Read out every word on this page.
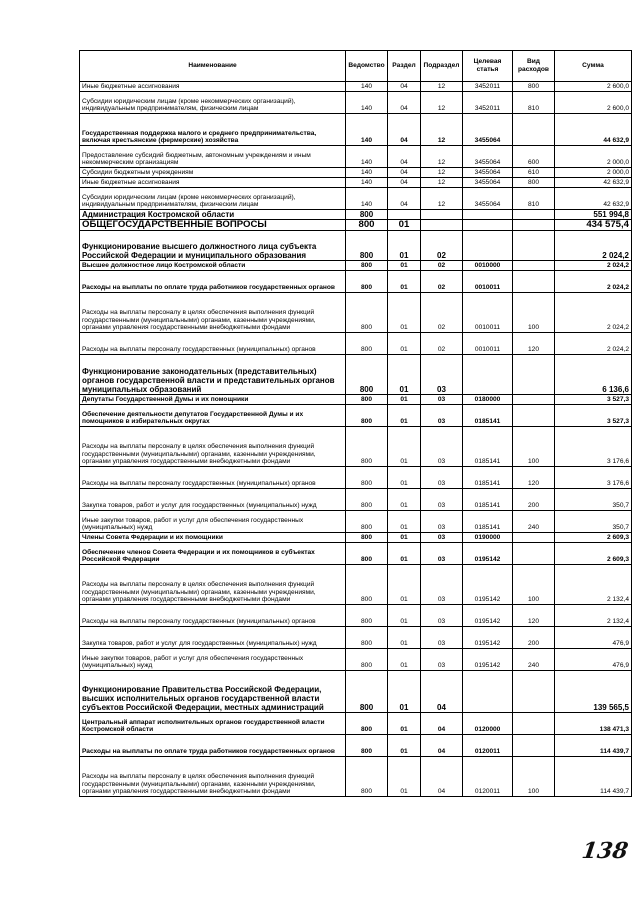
Наименование	Ведомство	Раздел	Подраздел	Целевая статья	Вид расходов	Сумма
Иные бюджетные ассигнования	140	04	12	3452011	800	2 600,0
Субсидии юридическим лицам (кроме некоммерческих организаций), индивидуальным предпринимателям, физическим лицам	140	04	12	3452011	810	2 600,0
Государственная поддержка малого и среднего предпринимательства, включая крестьянские (фермерские) хозяйства	140	04	12	3455064		44 632,9
Предоставление субсидий бюджетным, автономным учреждениям и иным некоммерческим организациям	140	04	12	3455064	600	2 000,0
Субсидии бюджетным учреждениям	140	04	12	3455064	610	2 000,0
Иные бюджетные ассигнования	140	04	12	3455064	800	42 632,9
Субсидии юридическим лицам (кроме некоммерческих организаций), индивидуальным предпринимателям, физическим лицам	140	04	12	3455064	810	42 632,9
Администрация Костромской области	800					551 994,8
ОБЩЕГОСУДАРСТВЕННЫЕ ВОПРОСЫ	800	01				434 575,4
Функционирование высшего должностного лица субъекта Российской Федерации и муниципального образования	800	01	02			2 024,2
Высшее должностное лицо Костромской области	800	01	02	0010000		2 024,2
Расходы на выплаты по оплате труда работников государственных органов	800	01	02	0010011		2 024,2
Расходы на выплаты персоналу в целях обеспечения выполнения функций государственными (муниципальными) органами, казенными учреждениями, органами управления государственными внебюджетными фондами	800	01	02	0010011	100	2 024,2
Расходы на выплаты персоналу государственных (муниципальных) органов	800	01	02	0010011	120	2 024,2
Функционирование законодательных (представительных) органов государственной власти и представительных органов муниципальных образований	800	01	03			6 136,6
Депутаты Государственной Думы и их помощники	800	01	03	0180000		3 527,3
Обеспечение деятельности депутатов Государственной Думы и их помощников в избирательных округах	800	01	03	0185141		3 527,3
Расходы на выплаты персоналу в целях обеспечения выполнения функций государственными (муниципальными) органами, казенными учреждениями, органами управления государственными внебюджетными фондами	800	01	03	0185141	100	3 176,6
Расходы на выплаты персоналу государственных (муниципальных) органов	800	01	03	0185141	120	3 176,6
Закупка товаров, работ и услуг для государственных (муниципальных) нужд	800	01	03	0185141	200	350,7
Иные закупки товаров, работ и услуг для обеспечения государственных (муниципальных) нужд	800	01	03	0185141	240	350,7
Члены Совета Федерации и их помощники	800	01	03	0190000		2 609,3
Обеспечение членов Совета Федерации и их помощников в субъектах Российской Федерации	800	01	03	0195142		2 609,3
Расходы на выплаты персоналу в целях обеспечения выполнения функций государственными (муниципальными) органами, казенными учреждениями, органами управления государственными внебюджетными фондами	800	01	03	0195142	100	2 132,4
Расходы на выплаты персоналу государственных (муниципальных) органов	800	01	03	0195142	120	2 132,4
Закупка товаров, работ и услуг для государственных (муниципальных) нужд	800	01	03	0195142	200	476,9
Иные закупки товаров, работ и услуг для обеспечения государственных (муниципальных) нужд	800	01	03	0195142	240	476,9
Функционирование Правительства Российской Федерации, высших исполнительных органов государственной власти субъектов Российской Федерации, местных администраций	800	01	04			139 565,5
Центральный аппарат исполнительных органов государственной власти Костромской области	800	01	04	0120000		138 471,3
Расходы на выплаты по оплате труда работников государственных органов	800	01	04	0120011		114 439,7
Расходы на выплаты персоналу в целях обеспечения выполнения функций государственными (муниципальными) органами, казенными учреждениями, органами управления государственными внебюджетными фондами	800	01	04	0120011	100	114 439,7
138
